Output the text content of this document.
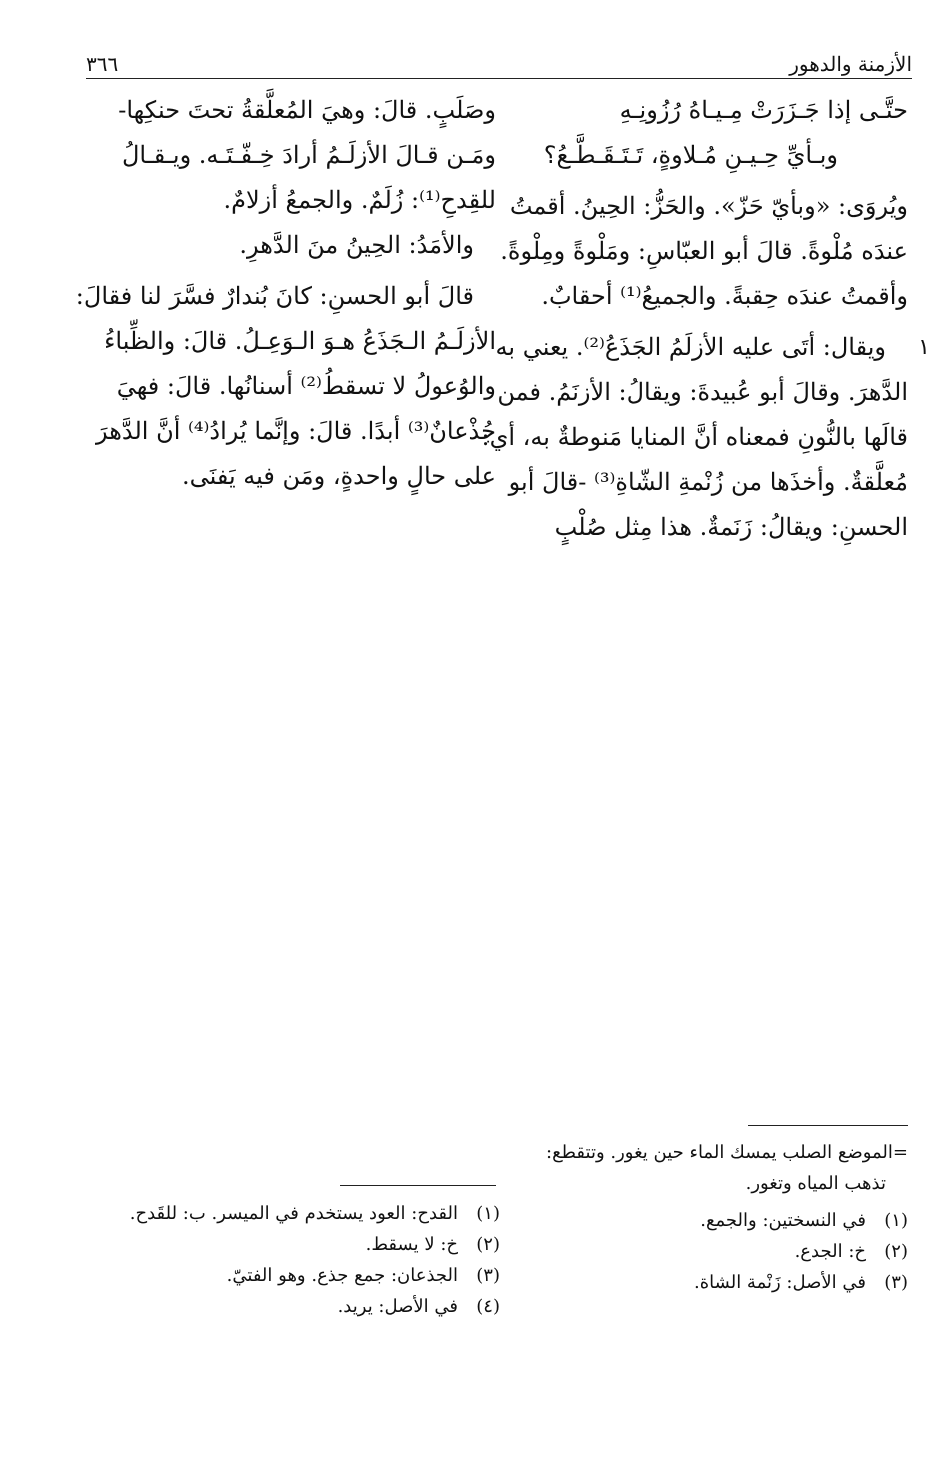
الأزمنة والدهور
٣٦٦
حتَّـى إذا جَـزَرَتْ مِـيـاهُ رُزُونِـهِ
وبـأيِّ حِـيـنِ مُـلاوةٍ، تَـتَـقَـطَّـعُ؟
ويُروَى: «وبأيّ حَزّ». والحَزُّ: الحِينُ. أقمتُ
عندَه مُلْوةً. قالَ أبو العبّاسِ: ومَلْوةً ومِلْوةً.
وأقمتُ عندَه حِقبةً. والجميعُ⁽¹⁾ أحقابٌ.
١
ويقال: أتَى عليه الأزلَمُ الجَذَعُ⁽²⁾. يعني به
الدَّهرَ. وقالَ أبو عُبيدةَ: ويقالُ: الأزنَمُ. فمن
قالَها بالنُّونِ فمعناه أنَّ المنايا مَنوطةٌ به، أي:
مُعلَّقةٌ. وأخذَها من زُنْمةِ الشّاةِ⁽³⁾ -قالَ أبو
الحسنِ: ويقالُ: زَنَمةٌ. هذا مِثل صُلْبٍ
وصَلَبٍ. قالَ: وهيَ المُعلَّقةُ تحتَ حنكِها-
ومَـن قـالَ الأزلَـمُ أرادَ خِـفّـتَـه. ويـقـالُ
للقِدحِ⁽¹⁾: زُلَمٌ. والجمعُ أزلامٌ.
والأمَدُ: الحِينُ منَ الدَّهرِ.
قالَ أبو الحسنِ: كانَ بُندارٌ فسَّرَ لنا فقالَ:
الأزلَـمُ الـجَذَعُ هـوَ الـوَعِـلُ. قالَ: والظِّباءُ
والوُعولُ لا تسقطُ⁽²⁾ أسنانُها. قالَ: فهيَ
جُذْعانٌ⁽³⁾ أبدًا. قالَ: وإنَّما يُرادُ⁽⁴⁾ أنَّ الدَّهرَ
على حالٍ واحدةٍ، ومَن فيه يَفنَى.
=الموضع الصلب يمسك الماء حين يغور. وتتقطع:
تذهب المياه وتغور.
(١)
في النسختين: والجمع.
(٢)
خ: الجدع.
(٣)
في الأصل: زَنْمة الشاة.
(١)
القدح: العود يستخدم في الميسر. ب: للقَدح.
(٢)
خ: لا يسقط.
(٣)
الجذعان: جمع جذع. وهو الفتيّ.
(٤)
في الأصل: يريد.
